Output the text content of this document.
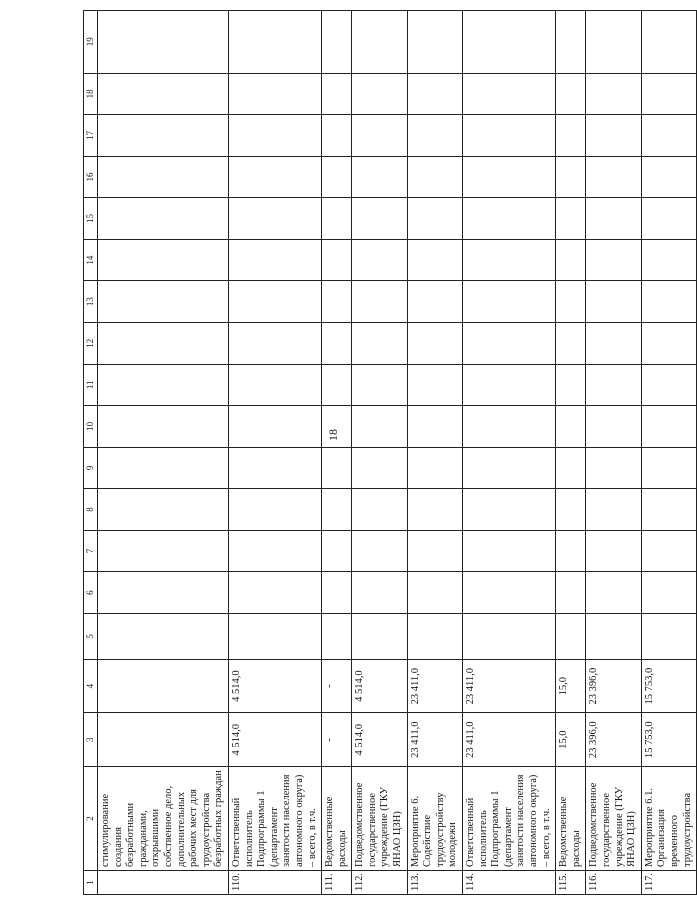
18
1	2	3	4	5	6	7	8	9	10	11	12	13	14	15	16	17	18	19
	стимулирование создания безработными гражданами, открывшими собственное дело, дополнительных рабочих мест для трудоустройства безработных граждан																	
110.	Ответственный исполнитель Подпрограммы 1 (департамент занятости населения автономного округа) – всего, в т.ч.	4 514,0	4 514,0															
111.	Ведомственные расходы	-	-															
112.	Подведомственное государственное учреждение (ГКУ ЯНАО ЦЗН)	4 514,0	4 514,0															
113.	Мероприятие 6. Содействие трудоустройству молодежи	23 411,0	23 411,0															
114.	Ответственный исполнитель Подпрограммы 1 (департамент занятости населения автономного округа) – всего, в т.ч.	23 411,0	23 411,0															
115.	Ведомственные расходы	15,0	15,0															
116.	Подведомственное государственное учреждение (ГКУ ЯНАО ЦЗН)	23 396,0	23 396,0															
117.	Мероприятие 6.1. Организация временного трудоустройства	15 753,0	15 753,0															
